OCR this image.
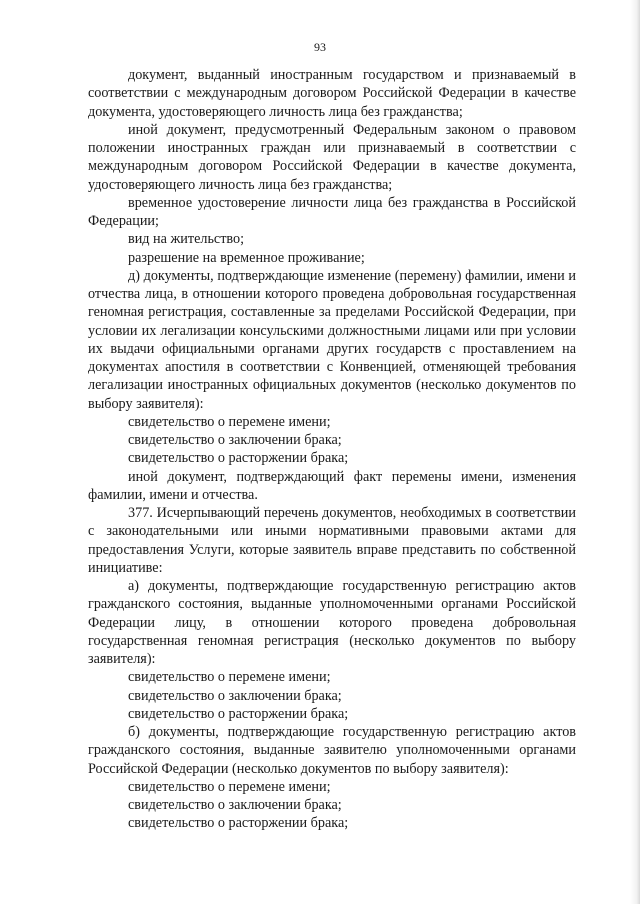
93

документ, выданный иностранным государством и признаваемый в соответствии с международным договором Российской Федерации в качестве документа, удостоверяющего личность лица без гражданства;

иной документ, предусмотренный Федеральным законом о правовом положении иностранных граждан или признаваемый в соответствии с международным договором Российской Федерации в качестве документа, удостоверяющего личность лица без гражданства;

временное удостоверение личности лица без гражданства в Российской Федерации;

вид на жительство;

разрешение на временное проживание;

д) документы, подтверждающие изменение (перемену) фамилии, имени и отчества лица, в отношении которого проведена добровольная государственная геномная регистрация, составленные за пределами Российской Федерации, при условии их легализации консульскими должностными лицами или при условии их выдачи официальными органами других государств с проставлением на документах апостиля в соответствии с Конвенцией, отменяющей требования легализации иностранных официальных документов (несколько документов по выбору заявителя):

свидетельство о перемене имени;

свидетельство о заключении брака;

свидетельство о расторжении брака;

иной документ, подтверждающий факт перемены имени, изменения фамилии, имени и отчества.

377. Исчерпывающий перечень документов, необходимых в соответствии с законодательными или иными нормативными правовыми актами для предоставления Услуги, которые заявитель вправе представить по собственной инициативе:

а) документы, подтверждающие государственную регистрацию актов гражданского состояния, выданные уполномоченными органами Российской Федерации лицу, в отношении которого проведена добровольная государственная геномная регистрация (несколько документов по выбору заявителя):

свидетельство о перемене имени;

свидетельство о заключении брака;

свидетельство о расторжении брака;

б) документы, подтверждающие государственную регистрацию актов гражданского состояния, выданные заявителю уполномоченными органами Российской Федерации (несколько документов по выбору заявителя):

свидетельство о перемене имени;

свидетельство о заключении брака;

свидетельство о расторжении брака;
